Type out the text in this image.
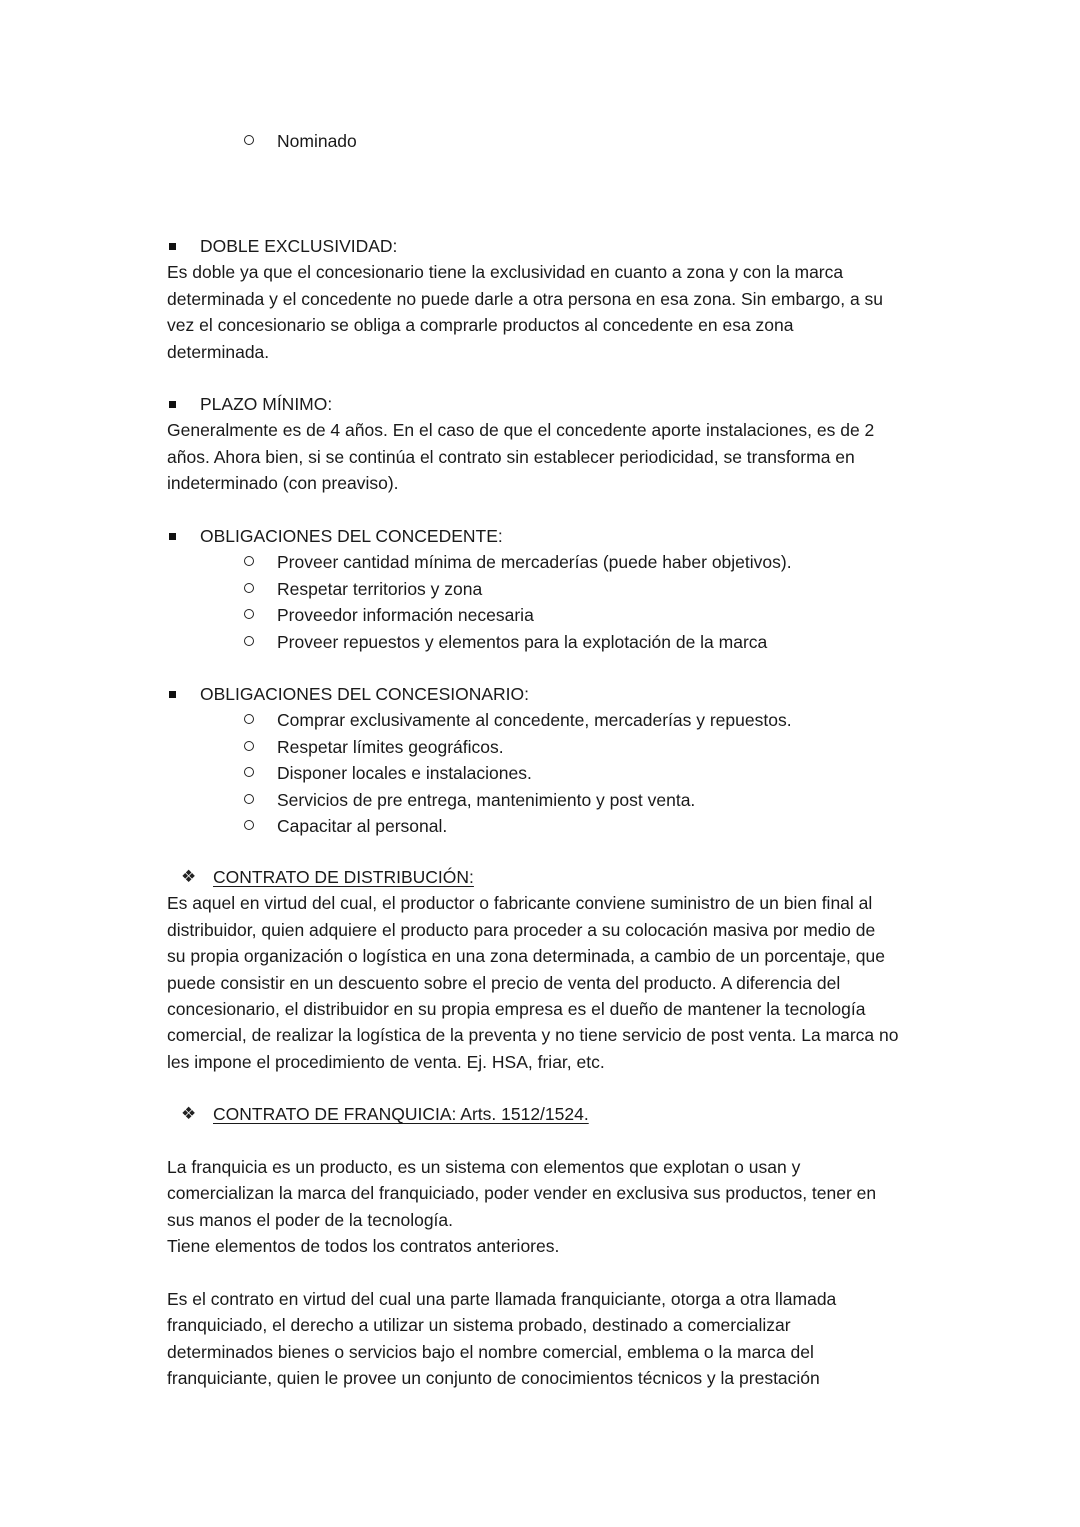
Nominado
DOBLE EXCLUSIVIDAD:
Es doble ya que el concesionario tiene la exclusividad en cuanto a zona y con la marca
determinada y el concedente no puede darle a otra persona en esa zona. Sin embargo, a su
vez el concesionario se obliga a comprarle productos al concedente en esa zona
determinada.
PLAZO MÍNIMO:
Generalmente es de 4 años. En el caso de que el concedente aporte instalaciones, es de 2
años. Ahora bien, si se continúa el contrato sin establecer periodicidad, se transforma en
indeterminado (con preaviso).
OBLIGACIONES DEL CONCEDENTE:
Proveer cantidad mínima de mercaderías (puede haber objetivos).
Respetar territorios y zona
Proveedor información necesaria
Proveer repuestos y elementos para la explotación de la marca
OBLIGACIONES DEL CONCESIONARIO:
Comprar exclusivamente al concedente, mercaderías y repuestos.
Respetar límites geográficos.
Disponer locales e instalaciones.
Servicios de pre entrega, mantenimiento y post venta.
Capacitar al personal.
❖ CONTRATO DE DISTRIBUCIÓN:
Es aquel en virtud del cual, el productor o fabricante conviene suministro de un bien final al
distribuidor, quien adquiere el producto para proceder a su colocación masiva por medio de
su propia organización o logística en una zona determinada, a cambio de un porcentaje, que
puede consistir en un descuento sobre el precio de venta del producto. A diferencia del
concesionario, el distribuidor en su propia empresa es el dueño de mantener la tecnología
comercial, de realizar la logística de la preventa y no tiene servicio de post venta. La marca no
les impone el procedimiento de venta. Ej. HSA, friar, etc.
❖ CONTRATO DE FRANQUICIA: Arts. 1512/1524.
La franquicia es un producto, es un sistema con elementos que explotan o usan y
comercializan la marca del franquiciado, poder vender en exclusiva sus productos, tener en
sus manos el poder de la tecnología.
Tiene elementos de todos los contratos anteriores.
Es el contrato en virtud del cual una parte llamada franquiciante, otorga a otra llamada
franquiciado, el derecho a utilizar un sistema probado, destinado a comercializar
determinados bienes o servicios bajo el nombre comercial, emblema o la marca del
franquiciante, quien le provee un conjunto de conocimientos técnicos y la prestación
